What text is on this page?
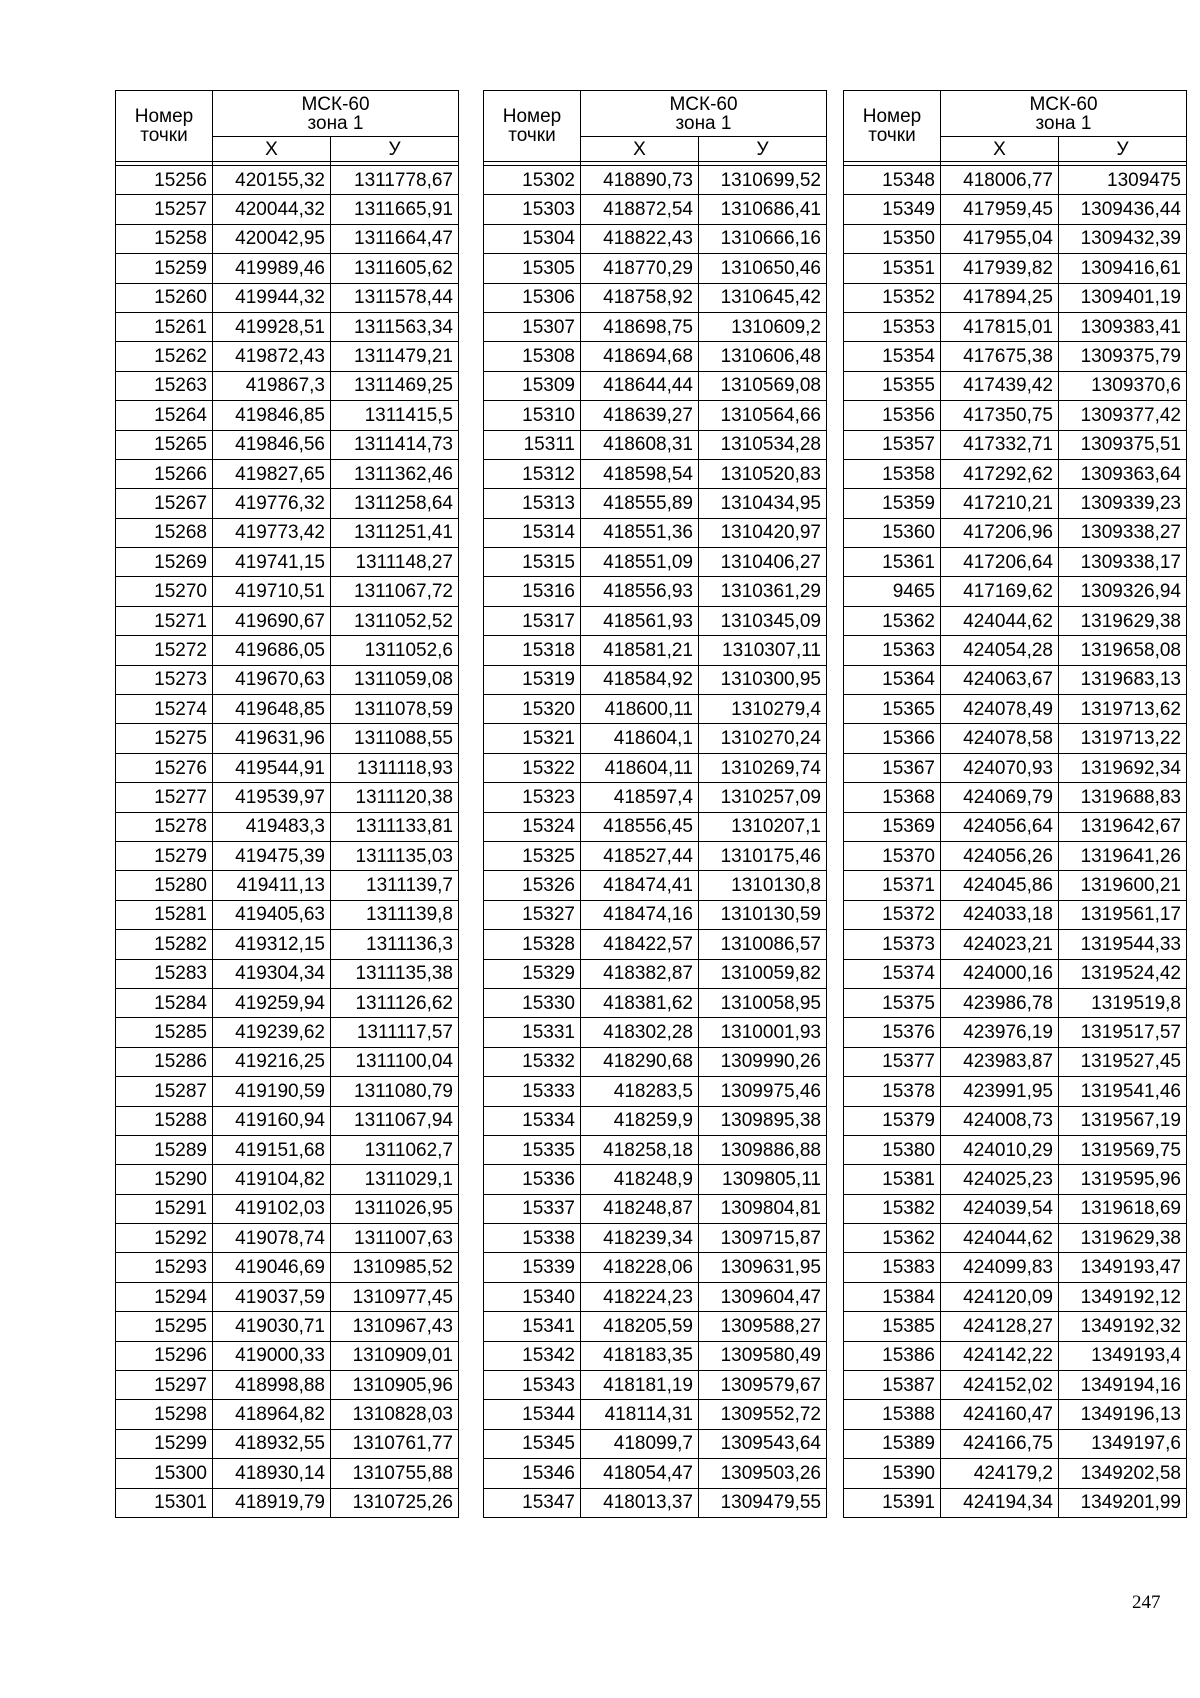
Номер
точки	МСК-60
зона 1	
	Х	У

15256	420155,32	1311778,67
15257	420044,32	1311665,91
15258	420042,95	1311664,47
15259	419989,46	1311605,62
15260	419944,32	1311578,44
15261	419928,51	1311563,34
15262	419872,43	1311479,21
15263	419867,3	1311469,25
15264	419846,85	1311415,5
15265	419846,56	1311414,73
15266	419827,65	1311362,46
15267	419776,32	1311258,64
15268	419773,42	1311251,41
15269	419741,15	1311148,27
15270	419710,51	1311067,72
15271	419690,67	1311052,52
15272	419686,05	1311052,6
15273	419670,63	1311059,08
15274	419648,85	1311078,59
15275	419631,96	1311088,55
15276	419544,91	1311118,93
15277	419539,97	1311120,38
15278	419483,3	1311133,81
15279	419475,39	1311135,03
15280	419411,13	1311139,7
15281	419405,63	1311139,8
15282	419312,15	1311136,3
15283	419304,34	1311135,38
15284	419259,94	1311126,62
15285	419239,62	1311117,57
15286	419216,25	1311100,04
15287	419190,59	1311080,79
15288	419160,94	1311067,94
15289	419151,68	1311062,7
15290	419104,82	1311029,1
15291	419102,03	1311026,95
15292	419078,74	1311007,63
15293	419046,69	1310985,52
15294	419037,59	1310977,45
15295	419030,71	1310967,43
15296	419000,33	1310909,01
15297	418998,88	1310905,96
15298	418964,82	1310828,03
15299	418932,55	1310761,77
15300	418930,14	1310755,88
15301	418919,79	1310725,26
Номер
точки	МСК-60
зона 1	
	Х	У

15302	418890,73	1310699,52
15303	418872,54	1310686,41
15304	418822,43	1310666,16
15305	418770,29	1310650,46
15306	418758,92	1310645,42
15307	418698,75	1310609,2
15308	418694,68	1310606,48
15309	418644,44	1310569,08
15310	418639,27	1310564,66
15311	418608,31	1310534,28
15312	418598,54	1310520,83
15313	418555,89	1310434,95
15314	418551,36	1310420,97
15315	418551,09	1310406,27
15316	418556,93	1310361,29
15317	418561,93	1310345,09
15318	418581,21	1310307,11
15319	418584,92	1310300,95
15320	418600,11	1310279,4
15321	418604,1	1310270,24
15322	418604,11	1310269,74
15323	418597,4	1310257,09
15324	418556,45	1310207,1
15325	418527,44	1310175,46
15326	418474,41	1310130,8
15327	418474,16	1310130,59
15328	418422,57	1310086,57
15329	418382,87	1310059,82
15330	418381,62	1310058,95
15331	418302,28	1310001,93
15332	418290,68	1309990,26
15333	418283,5	1309975,46
15334	418259,9	1309895,38
15335	418258,18	1309886,88
15336	418248,9	1309805,11
15337	418248,87	1309804,81
15338	418239,34	1309715,87
15339	418228,06	1309631,95
15340	418224,23	1309604,47
15341	418205,59	1309588,27
15342	418183,35	1309580,49
15343	418181,19	1309579,67
15344	418114,31	1309552,72
15345	418099,7	1309543,64
15346	418054,47	1309503,26
15347	418013,37	1309479,55
Номер
точки	МСК-60
зона 1	
	Х	У

15348	418006,77	1309475
15349	417959,45	1309436,44
15350	417955,04	1309432,39
15351	417939,82	1309416,61
15352	417894,25	1309401,19
15353	417815,01	1309383,41
15354	417675,38	1309375,79
15355	417439,42	1309370,6
15356	417350,75	1309377,42
15357	417332,71	1309375,51
15358	417292,62	1309363,64
15359	417210,21	1309339,23
15360	417206,96	1309338,27
15361	417206,64	1309338,17
9465	417169,62	1309326,94
15362	424044,62	1319629,38
15363	424054,28	1319658,08
15364	424063,67	1319683,13
15365	424078,49	1319713,62
15366	424078,58	1319713,22
15367	424070,93	1319692,34
15368	424069,79	1319688,83
15369	424056,64	1319642,67
15370	424056,26	1319641,26
15371	424045,86	1319600,21
15372	424033,18	1319561,17
15373	424023,21	1319544,33
15374	424000,16	1319524,42
15375	423986,78	1319519,8
15376	423976,19	1319517,57
15377	423983,87	1319527,45
15378	423991,95	1319541,46
15379	424008,73	1319567,19
15380	424010,29	1319569,75
15381	424025,23	1319595,96
15382	424039,54	1319618,69
15362	424044,62	1319629,38
15383	424099,83	1349193,47
15384	424120,09	1349192,12
15385	424128,27	1349192,32
15386	424142,22	1349193,4
15387	424152,02	1349194,16
15388	424160,47	1349196,13
15389	424166,75	1349197,6
15390	424179,2	1349202,58
15391	424194,34	1349201,99
247
